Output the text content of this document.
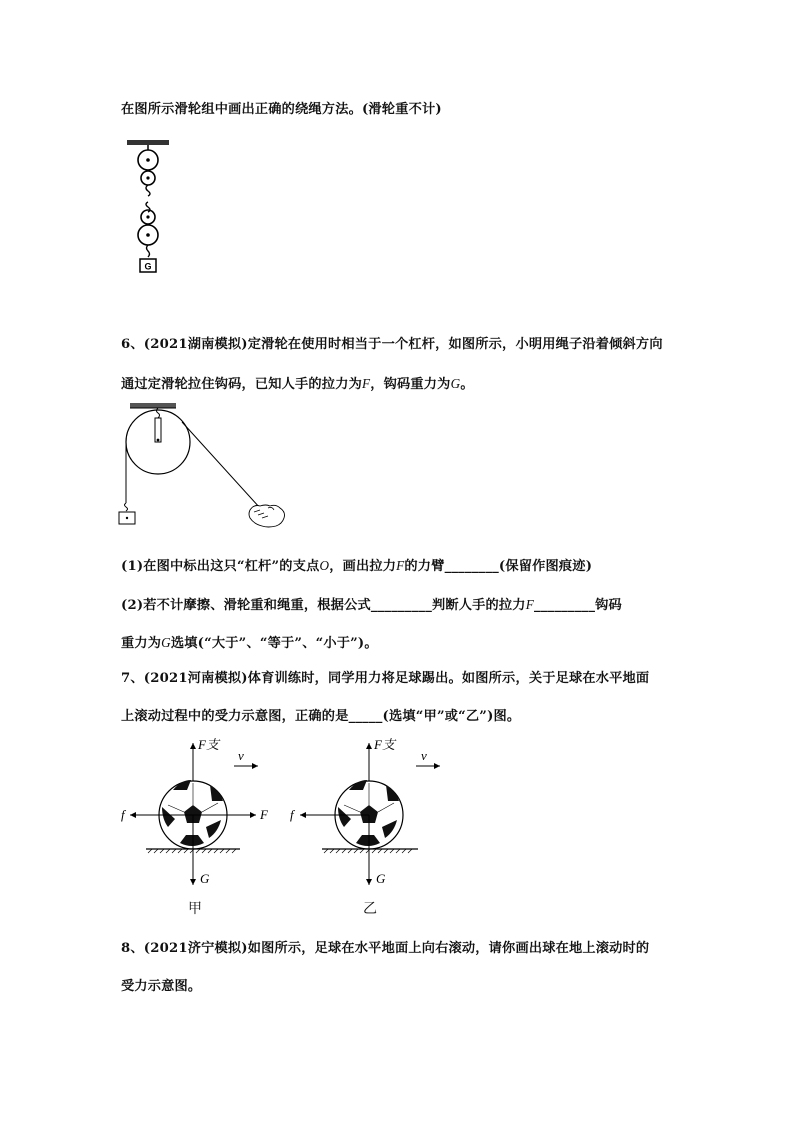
在图所示滑轮组中画出正确的绕绳方法。(滑轮重不计)
G
6、(2021湖南模拟)定滑轮在使用时相当于一个杠杆，如图所示，小明用绳子沿着倾斜方向
通过定滑轮拉住钩码，已知人手的拉力为F，钩码重力为G。
(1)在图中标出这只“杠杆”的支点O，画出拉力F的力臂________(保留作图痕迹)
(2)若不计摩擦、滑轮重和绳重，根据公式_________判断人手的拉力F_________钩码
重力为G选填(“大于”、“等于”、“小于”)。
7、(2021河南模拟)体育训练时，同学用力将足球踢出。如图所示，关于足球在水平地面
上滚动过程中的受力示意图，正确的是_____(选填“甲”或“乙”)图。
F支
v
f	F
G
甲
F支
v
f
G
乙
8、(2021济宁模拟)如图所示，足球在水平地面上向右滚动，请你画出球在地上滚动时的
受力示意图。
